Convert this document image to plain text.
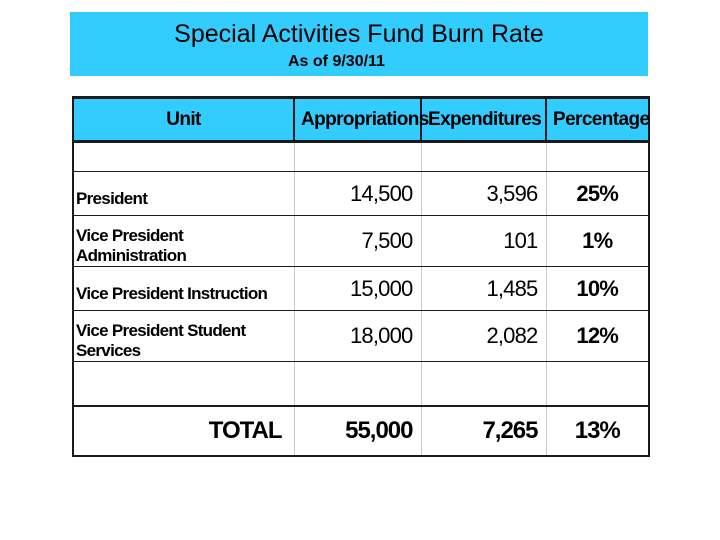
Special Activities Fund Burn Rate
As of 9/30/11
Unit	Appropriations	Expenditures	Percentage

President	14,500	3,596	25%
Vice President Administration	7,500	101	1%
Vice President Instruction	15,000	1,485	10%
Vice President Student Services	18,000	2,082	12%

TOTAL	55,000	7,265	13%
